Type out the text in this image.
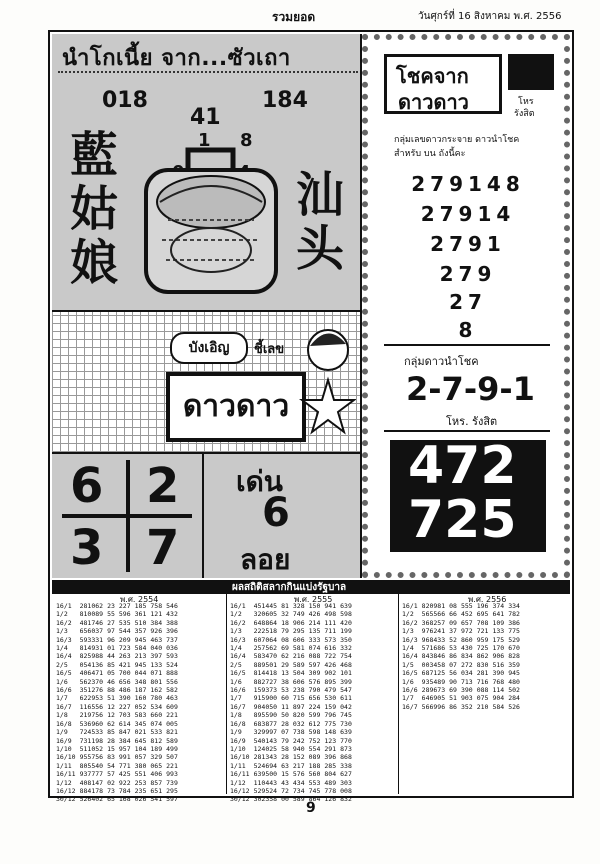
รวมยอด	วันศุกร์ที่ 16 สิงหาคม พ.ศ. 2556
นำโกเนี้ย จาก...ซัวเถา
018
41
184
1 8
藍
姑
娘
汕
头
บังเอิญ	ชี้เลข
ดาวดาว
6 2
3 7
เด่น
6
ลอย
โชคจาก
ดาวดาว	โหร
รังสิต
กลุ่มเลขดาวกระจาย ดาวนำโชค
สำหรับ บน ถังนี้คะ
279148
27914
2791
279
27
8
กลุ่มดาวนำโชค
2-7-9-1
โหร. รังสิต
472
725
ผลสถิติสลากกินแบ่งรัฐบาล
พ.ศ. 2554	พ.ศ. 2555	พ.ศ. 2556
16/1	281062	23	227	185	758	546
1/2	810089	55	596	361	121	432
16/2	481746	27	535	510	384	388
1/3	656037	97	544	357	926	396
16/3	593331	96	209	945	463	737
1/4	814931	01	723	584	040	036
16/4	825988	44	263	213	397	593
2/5	054136	85	421	945	133	524
16/5	406471	05	700	044	071	888
1/6	562370	46	656	348	801	556
16/6	351276	88	486	187	162	582
1/7	622953	51	390	160	780	463
16/7	116556	12	227	052	534	609
1/8	219756	12	703	583	660	221
16/8	536960	62	614	345	074	005
1/9	724533	85	847	021	533	821
16/9	731198	28	384	645	812	589
1/10	511052	15	957	104	189	499
16/10	955756	83	991	057	329	507
1/11	805540	54	771	380	065	221
16/11	937777	57	425	551	406	993
1/12	408147	02	922	253	857	739
16/12	884178	73	784	235	651	295
30/12	526402	65	168	026	541	597
16/1	451445	81	328	150	941	639
1/2	320605	32	749	426	498	598
16/2	648864	18	906	214	111	420
1/3	222518	79	295	135	711	199
16/3	607064	08	606	333	573	350
1/4	257562	69	581	074	616	332
16/4	583470	62	216	088	722	754
2/5	889501	29	589	597	426	468
16/5	814418	13	504	309	902	101
1/6	882727	38	606	576	895	399
16/6	159373	53	238	790	479	547
1/7	915900	60	715	656	530	611
16/7	904050	11	897	224	159	042
1/8	895590	50	820	599	796	745
16/8	683877	28	032	612	775	730
1/9	329997	07	738	598	148	639
16/9	540143	79	242	752	123	770
1/10	124025	58	940	554	291	873
16/10	281343	28	152	089	396	868
1/11	524694	63	217	188	285	338
16/11	639500	15	576	560	804	627
1/12	110443	43	434	553	489	303
16/12	529524	72	734	745	778	008
30/12	302358	00	589	864	126	832
16/1	820981	08	555	196	374	334
1/2	565566	66	452	695	641	782
16/2	368257	09	657	708	109	386
1/3	976241	37	972	721	133	775
16/3	968433	52	860	959	175	529
1/4	571686	53	430	725	170	670
16/4	843846	86	834	862	906	828
1/5	003458	07	272	830	516	359
16/5	687125	56	034	281	390	945
1/6	935489	90	713	716	768	480
16/6	289673	69	390	088	114	502
1/7	646905	51	903	075	904	284
16/7	566996	86	352	210	584	526
9
